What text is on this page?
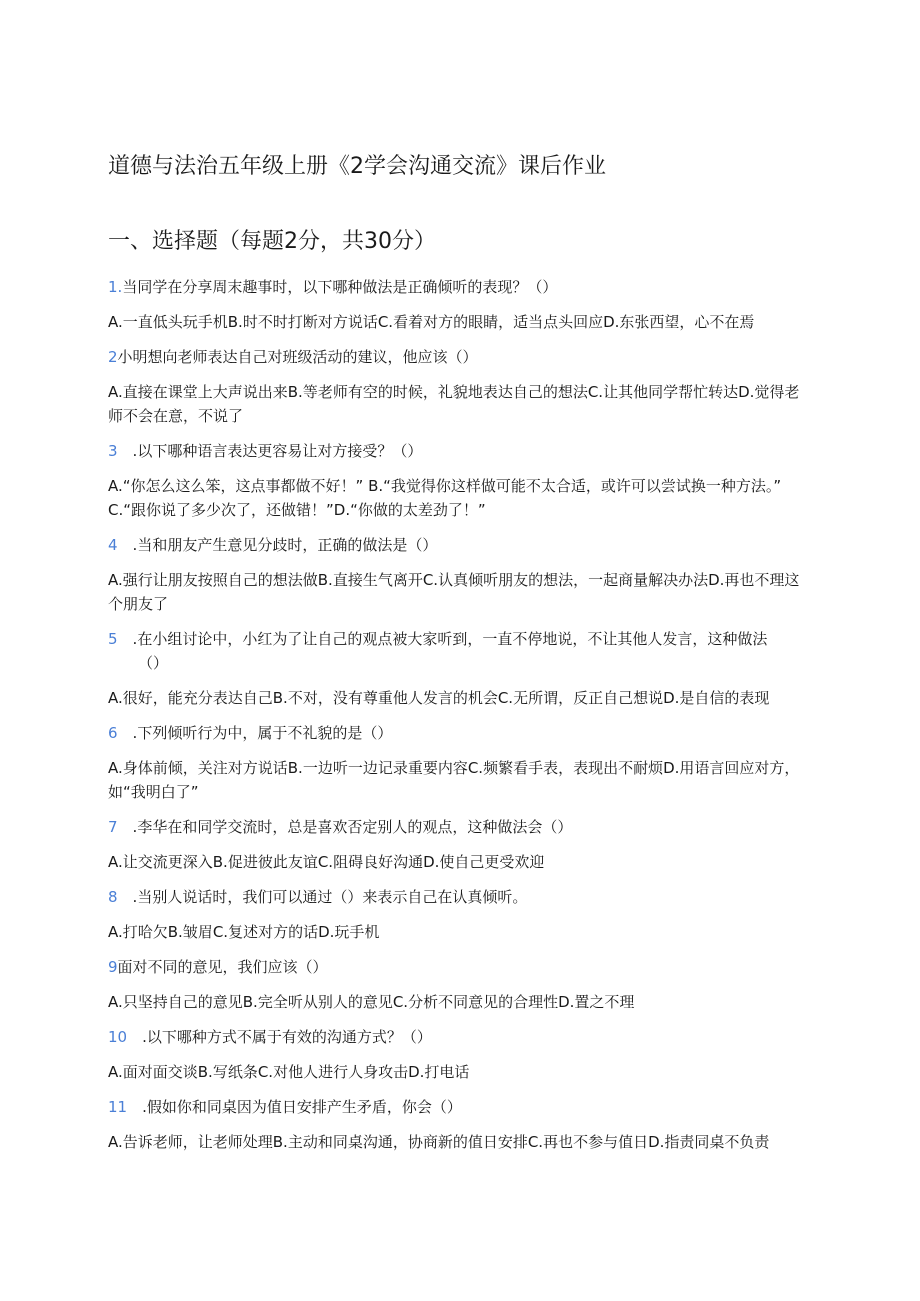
道德与法治五年级上册《2学会沟通交流》课后作业
一、选择题（每题2分，共30分）
1.当同学在分享周末趣事时，以下哪种做法是正确倾听的表现？（）
A.一直低头玩手机B.时不时打断对方说话C.看着对方的眼睛，适当点头回应D.东张西望，心不在焉
2小明想向老师表达自己对班级活动的建议，他应该（）
A.直接在课堂上大声说出来B.等老师有空的时候，礼貌地表达自己的想法C.让其他同学帮忙转达D.觉得老师不会在意，不说了
3　.以下哪种语言表达更容易让对方接受？（）
A.“你怎么这么笨，这点事都做不好！” B.“我觉得你这样做可能不太合适，或许可以尝试换一种方法。” C.“跟你说了多少次了，还做错！”D.“你做的太差劲了！”
4　.当和朋友产生意见分歧时，正确的做法是（）
A.强行让朋友按照自己的想法做B.直接生气离开C.认真倾听朋友的想法，一起商量解决办法D.再也不理这个朋友了
5　.在小组讨论中，小红为了让自己的观点被大家听到，一直不停地说，不让其他人发言，这种做法
（）
A.很好，能充分表达自己B.不对，没有尊重他人发言的机会C.无所谓，反正自己想说D.是自信的表现
6　.下列倾听行为中，属于不礼貌的是（）
A.身体前倾，关注对方说话B.一边听一边记录重要内容C.频繁看手表，表现出不耐烦D.用语言回应对方，如“我明白了”
7　.李华在和同学交流时，总是喜欢否定别人的观点，这种做法会（）
A.让交流更深入B.促进彼此友谊C.阻碍良好沟通D.使自己更受欢迎
8　.当别人说话时，我们可以通过（）来表示自己在认真倾听。
A.打哈欠B.皱眉C.复述对方的话D.玩手机
9面对不同的意见，我们应该（）
A.只坚持自己的意见B.完全听从别人的意见C.分析不同意见的合理性D.置之不理
10　.以下哪种方式不属于有效的沟通方式？（）
A.面对面交谈B.写纸条C.对他人进行人身攻击D.打电话
11　.假如你和同桌因为值日安排产生矛盾，你会（）
A.告诉老师，让老师处理B.主动和同桌沟通，协商新的值日安排C.再也不参与值日D.指责同桌不负责
